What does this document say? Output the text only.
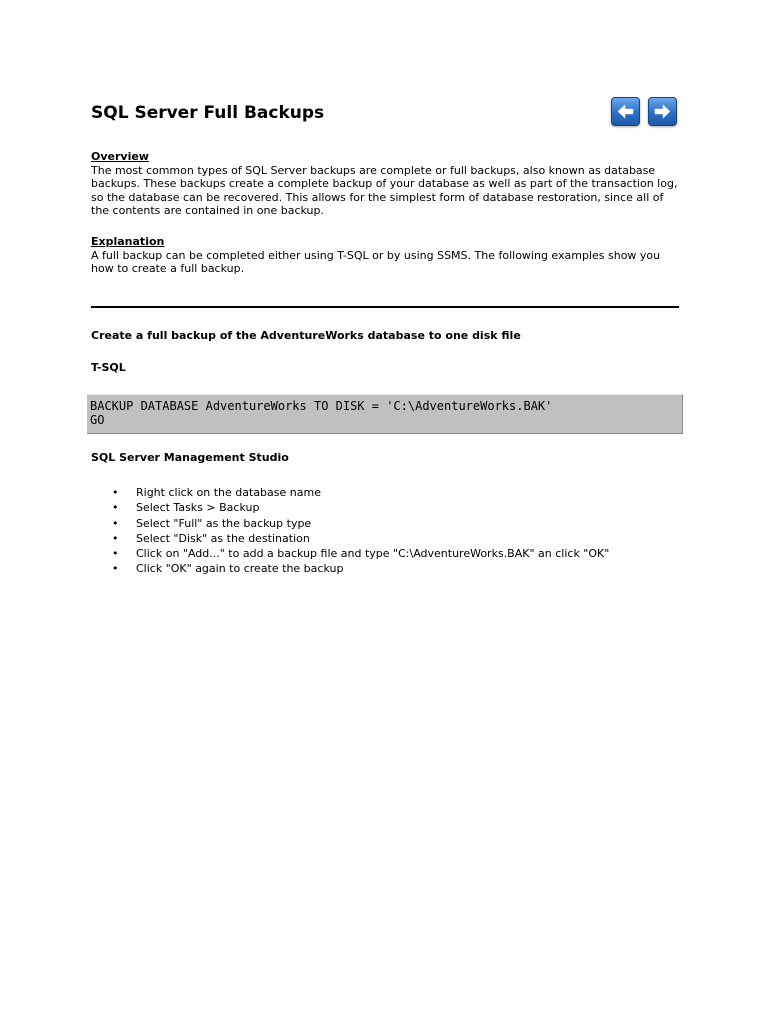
SQL Server Full Backups
Overview
The most common types of SQL Server backups are complete or full backups, also known as database backups. These backups create a complete backup of your database as well as part of the transaction log, so the database can be recovered. This allows for the simplest form of database restoration, since all of the contents are contained in one backup.
Explanation
A full backup can be completed either using T-SQL or by using SSMS. The following examples show you how to create a full backup.
Create a full backup of the AdventureWorks database to one disk file
T-SQL
BACKUP DATABASE AdventureWorks TO DISK = 'C:\AdventureWorks.BAK'
GO
SQL Server Management Studio
• Right click on the database name
• Select Tasks > Backup
• Select "Full" as the backup type
• Select "Disk" as the destination
• Click on "Add..." to add a backup file and type "C:\AdventureWorks.BAK" an click "OK"
• Click "OK" again to create the backup
